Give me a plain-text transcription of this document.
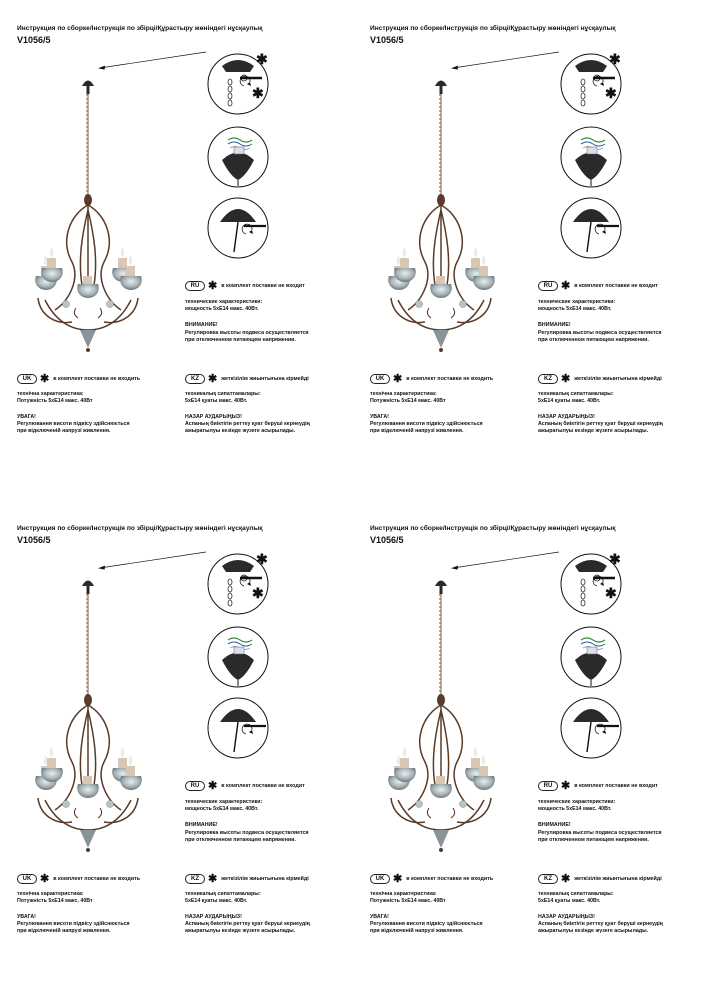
Инструкция по сборке/Інструкція по збірці/Құрастыру жөніндегі нұсқаулық
V1056/5
✱
✱
RU ✱ в комплект поставки не входит
технические характеристики:
мощность 5xE14 макс. 40Вт.
ВНИМАНИЕ!
Регулировка высоты подвеса осуществляется
при отключенном питающем напряжении.
UK ✱ в комплект поставки не входить
технічна характеристика:
Потужність 5xE14 макс. 40Вт
УВАГА!
Регулювання висоти підвісу здійснюється
при відключеній напрузі живлення.
KZ ✱ жеткізілім жиынтығына кірмейді
техникалық сипаттамалары:
5xE14 қуаты макс. 40Вт.
НАЗАР АУДАРЫҢЫЗ!
Аспаның биіктігін реттеу қуат беруші кернеудің
ажыратылуы кезінде жүзеге асырылады.
Инструкция по сборке/Інструкція по збірці/Құрастыру жөніндегі нұсқаулық
V1056/5
✱
✱
RU ✱ в комплект поставки не входит
технические характеристики:
мощность 5xE14 макс. 40Вт.
ВНИМАНИЕ!
Регулировка высоты подвеса осуществляется
при отключенном питающем напряжении.
UK ✱ в комплект поставки не входить
технічна характеристика:
Потужність 5xE14 макс. 40Вт
УВАГА!
Регулювання висоти підвісу здійснюється
при відключеній напрузі живлення.
KZ ✱ жеткізілім жиынтығына кірмейді
техникалық сипаттамалары:
5xE14 қуаты макс. 40Вт.
НАЗАР АУДАРЫҢЫЗ!
Аспаның биіктігін реттеу қуат беруші кернеудің
ажыратылуы кезінде жүзеге асырылады.
Инструкция по сборке/Інструкція по збірці/Құрастыру жөніндегі нұсқаулық
V1056/5
✱
✱
RU ✱ в комплект поставки не входит
технические характеристики:
мощность 5xE14 макс. 40Вт.
ВНИМАНИЕ!
Регулировка высоты подвеса осуществляется
при отключенном питающем напряжении.
UK ✱ в комплект поставки не входить
технічна характеристика:
Потужність 5xE14 макс. 40Вт
УВАГА!
Регулювання висоти підвісу здійснюється
при відключеній напрузі живлення.
KZ ✱ жеткізілім жиынтығына кірмейді
техникалық сипаттамалары:
5xE14 қуаты макс. 40Вт.
НАЗАР АУДАРЫҢЫЗ!
Аспаның биіктігін реттеу қуат беруші кернеудің
ажыратылуы кезінде жүзеге асырылады.
Инструкция по сборке/Інструкція по збірці/Құрастыру жөніндегі нұсқаулық
V1056/5
✱
✱
RU ✱ в комплект поставки не входит
технические характеристики:
мощность 5xE14 макс. 40Вт.
ВНИМАНИЕ!
Регулировка высоты подвеса осуществляется
при отключенном питающем напряжении.
UK ✱ в комплект поставки не входить
технічна характеристика:
Потужність 5xE14 макс. 40Вт
УВАГА!
Регулювання висоти підвісу здійснюється
при відключеній напрузі живлення.
KZ ✱ жеткізілім жиынтығына кірмейді
техникалық сипаттамалары:
5xE14 қуаты макс. 40Вт.
НАЗАР АУДАРЫҢЫЗ!
Аспаның биіктігін реттеу қуат беруші кернеудің
ажыратылуы кезінде жүзеге асырылады.
